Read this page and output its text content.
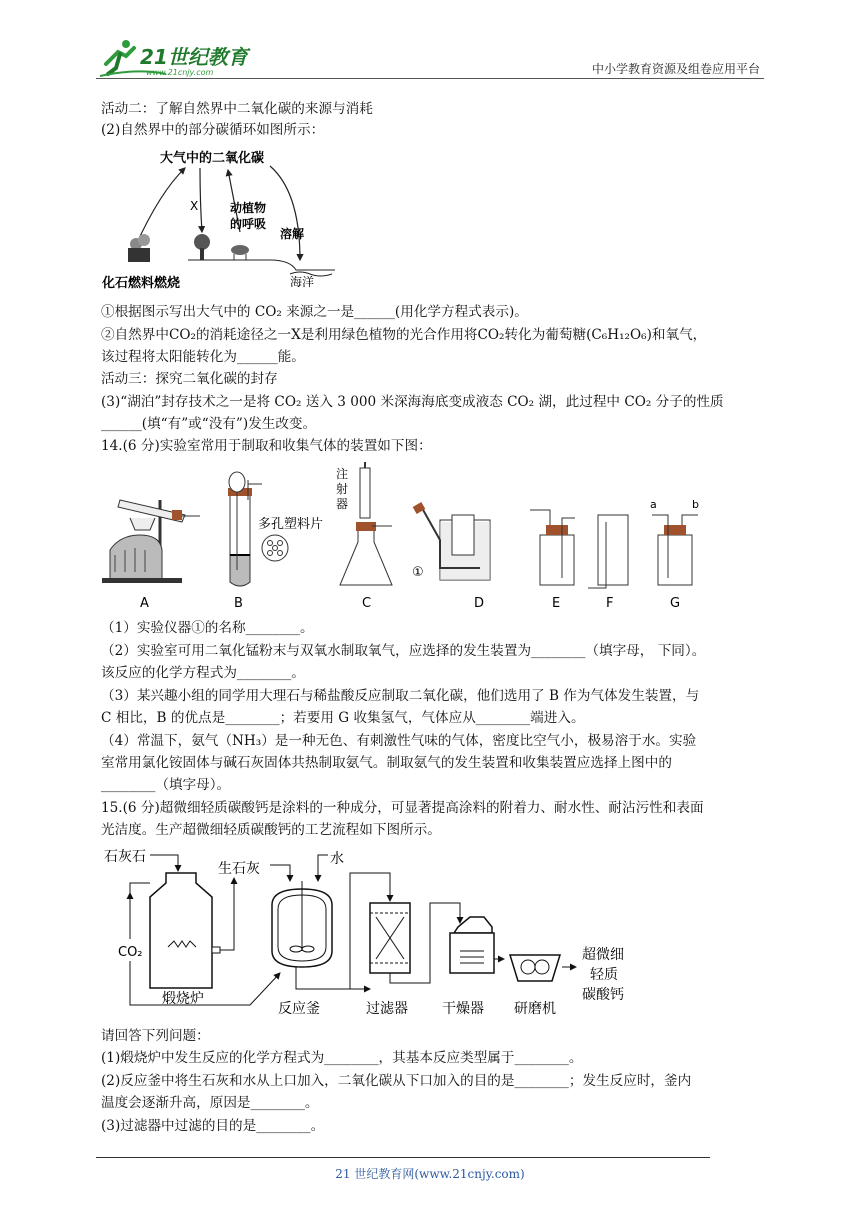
21世纪教育
www.21cnjy.com	中小学教育资源及组卷应用平台
活动二：了解自然界中二氧化碳的来源与消耗
(2)自然界中的部分碳循环如图所示：
大气中的二氧化碳
X	动植物
的呼吸
溶解
化石燃料燃烧	海洋
①根据图示写出大气中的 CO₂ 来源之一是______(用化学方程式表示)。
②自然界中CO₂的消耗途径之一X是利用绿色植物的光合作用将CO₂转化为葡萄糖(C₆H₁₂O₆)和氧气，
该过程将太阳能转化为______能。
活动三：探究二氧化碳的封存
(3)“湖泊”封存技术之一是将 CO₂ 送入 3 000 米深海海底变成液态 CO₂ 湖，此过程中 CO₂ 分子的性质
______(填“有”或“没有”)发生改变。
14.(6 分)实验室常用于制取和收集气体的装置如下图：
A
多孔塑料片
B
注
射
器
C
①
D	E	F
a	b
G
（1）实验仪器①的名称________。
（2）实验室可用二氧化锰粉末与双氧水制取氧气，应选择的发生装置为________（填字母， 下同）。
该反应的化学方程式为________。
（3）某兴趣小组的同学用大理石与稀盐酸反应制取二氧化碳，他们选用了 B 作为气体发生装置，与
C 相比，B 的优点是________；若要用 G 收集氢气，气体应从________端进入。
（4）常温下，氨气（NH₃）是一种无色、有刺激性气味的气体，密度比空气小，极易溶于水。实验
室常用氯化铵固体与碱石灰固体共热制取氨气。制取氨气的发生装置和收集装置应选择上图中的
________（填字母）。
15.(6 分)超微细轻质碳酸钙是涂料的一种成分，可显著提高涂料的附着力、耐水性、耐沾污性和表面
光洁度。生产超微细轻质碳酸钙的工艺流程如下图所示。
石灰石
生石灰
CO₂
煅烧炉
水
反应釜	过滤器 干燥器 研磨机
超微细
轻质
碳酸钙
请回答下列问题：
(1)煅烧炉中发生反应的化学方程式为________，其基本反应类型属于________。
(2)反应釜中将生石灰和水从上口加入，二氧化碳从下口加入的目的是________；发生反应时，釜内
温度会逐渐升高，原因是________。
(3)过滤器中过滤的目的是________。
21 世纪教育网(www.21cnjy.com)
